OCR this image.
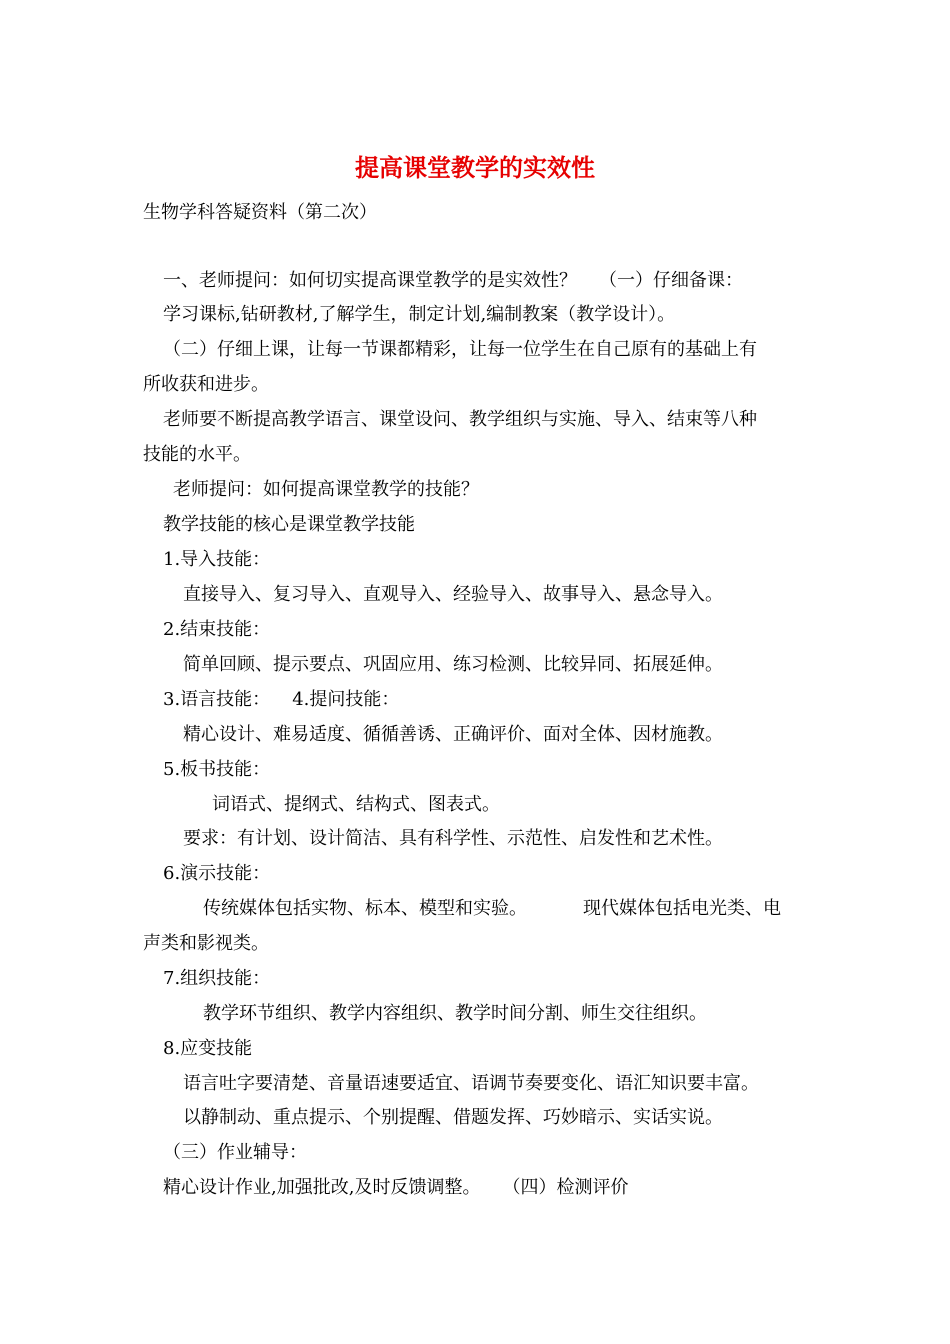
提高课堂教学的实效性
生物学科答疑资料（第二次）
一、老师提问：如何切实提高课堂教学的是实效性？ （一）仔细备课：
学习课标,钻研教材,了解学生，制定计划,编制教案（教学设计）。
（二）仔细上课，让每一节课都精彩，让每一位学生在自己原有的基础上有
所收获和进步。
老师要不断提高教学语言、课堂设问、教学组织与实施、导入、结束等八种
技能的水平。
老师提问：如何提高课堂教学的技能？
教学技能的核心是课堂教学技能
1.导入技能：
直接导入、复习导入、直观导入、经验导入、故事导入、悬念导入。
2.结束技能：
简单回顾、提示要点、巩固应用、练习检测、比较异同、拓展延伸。
3.语言技能： 4.提问技能：
精心设计、难易适度、循循善诱、正确评价、面对全体、因材施教。
5.板书技能：
词语式、提纲式、结构式、图表式。
要求：有计划、设计简洁、具有科学性、示范性、启发性和艺术性。
6.演示技能：
传统媒体包括实物、标本、模型和实验。	现代媒体包括电光类、电
声类和影视类。
7.组织技能：
教学环节组织、教学内容组织、教学时间分割、师生交往组织。
8.应变技能
语言吐字要清楚、音量语速要适宜、语调节奏要变化、语汇知识要丰富。
以静制动、重点提示、个别提醒、借题发挥、巧妙暗示、实话实说。
（三）作业辅导：
精心设计作业,加强批改,及时反馈调整。 （四）检测评价
